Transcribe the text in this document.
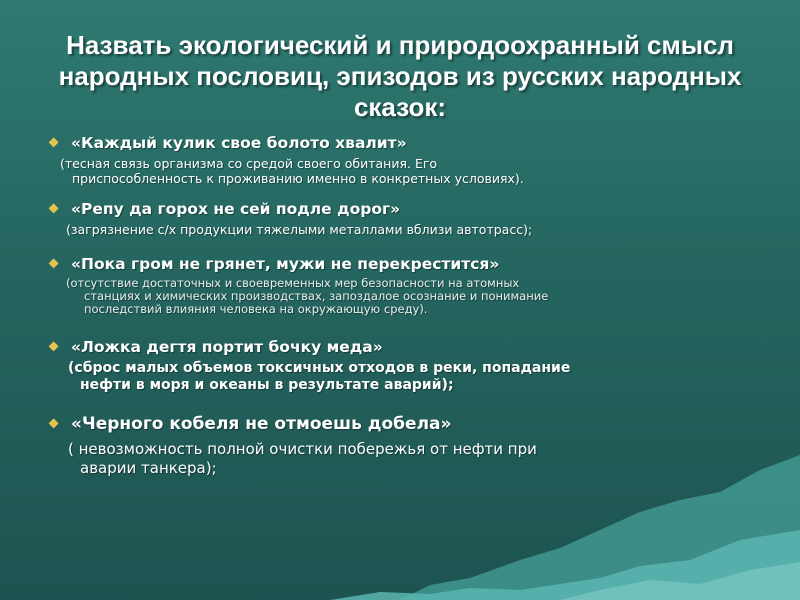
Назвать экологический и природоохранный смысл
народных пословиц, эпизодов из русских народных
сказок:
«Каждый кулик свое болото хвалит»
(тесная связь организма со средой своего обитания. Его
приспособленность к проживанию именно в конкретных условиях).
«Репу да горох не сей подле дорог»
(загрязнение с/х продукции тяжелыми металлами вблизи автотрасс);
«Пока гром не грянет, мужи не перекрестится»
(отсутствие достаточных и своевременных мер безопасности на атомных
станциях и химических производствах, запоздалое осознание и понимание
последствий влияния человека на окружающую среду).
«Ложка дегтя портит бочку меда»
(сброс малых объемов токсичных отходов в реки, попадание
нефти в моря и океаны в результате аварий);
«Черного кобеля не отмоешь добела»
( невозможность полной очистки побережья от нефти при
аварии танкера);
